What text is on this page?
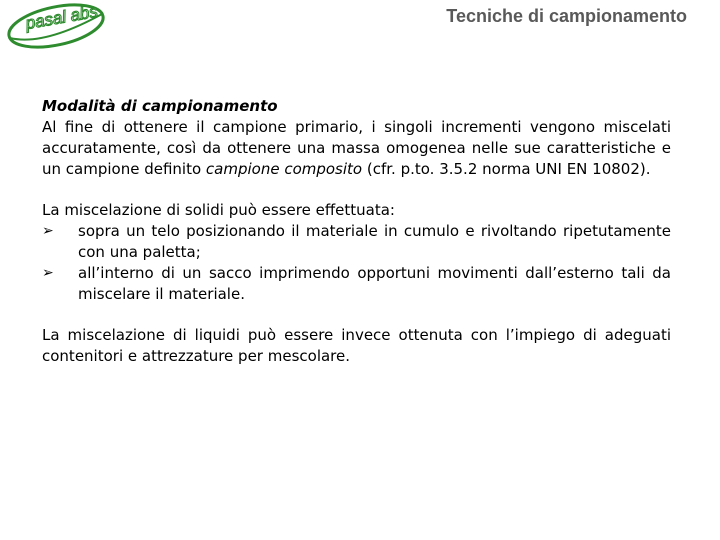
pasal abs
........
Tecniche di campionamento

Modalità di campionamento

Al fine di ottenere il campione primario, i singoli incrementi vengono miscelati accuratamente, così da ottenere una massa omogenea nelle sue caratteristiche e un campione definito campione composito (cfr. p.to. 3.5.2 norma UNI EN 10802).

La miscelazione di solidi può essere effettuata:

➢ sopra un telo posizionando il materiale in cumulo e rivoltando ripetutamente con una paletta;
➢ all’interno di un sacco imprimendo opportuni movimenti dall’esterno tali da miscelare il materiale.

La miscelazione di liquidi può essere invece ottenuta con l’impiego di adeguati contenitori e attrezzature per mescolare.
